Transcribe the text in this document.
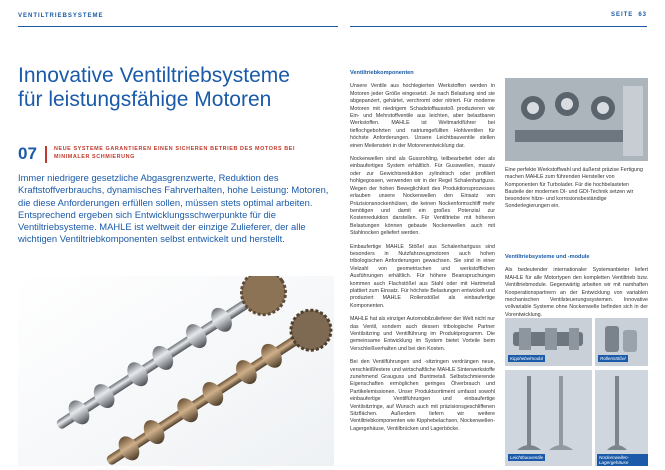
VENTILTRIEBSYSTEME	SEITE 63
Innovative Ventiltriebsysteme
für leistungsfähige Motoren
07	NEUE SYSTEME GARANTIEREN EINEN SICHEREN BETRIEB DES MOTORS BEI MINIMALER SCHMIERUNG

Immer niedrigere gesetzliche Abgasgrenzwerte, Reduktion des Kraftstoffverbrauchs, dynamisches Fahrverhalten, hohe Leistung: Motoren, die diese Anforderungen erfüllen sollen, müssen stets optimal arbeiten. Entsprechend ergeben sich Entwicklungsschwerpunkte für die Ventiltriebsysteme. MAHLE ist weltweit der einzige Zulieferer, der alle wichtigen Ventiltriebkomponenten selbst entwickelt und herstellt.

Ventiltriebkomponenten

Unsere Ventile aus hochlegierten Werkstoffen werden in Motoren jeder Größe eingesetzt. Je nach Belastung sind sie abgepanzert, gehärtet, verchromt oder nitriert. Für moderne Motoren mit niedrigem Schadstoffausstoß produzieren wir Ein- und Mehrstoffventile aus leichten, aber belastbaren Werkstoffen. MAHLE ist Weltmarktführer bei tieflochgebohrten und natriumgefüllten Hohlventilen für höchste Anforderungen. Unsere Leichtbauventile stellen einen Meilenstein in der Motorenentwicklung dar.

Nockenwellen sind als Gussrohling, teilbearbeitet oder als einbaufertiges System erhältlich. Für Gusswellen, massiv oder zur Gewichtsreduktion zylindrisch oder profiliert hohlgegossen, verwenden wir in der Regel Schalenhartguss. Wegen der hohen Beweglichkeit des Produktionsprozesses erlauben unsere Nockenwellen den Einsatz von Präzisionsnockenhülsen, die keinen Nockenformschliff mehr benötigen und damit ein großes Potenzial zur Kostenreduktion darstellen. Für Ventiltriebe mit höheren Belastungen können gebaute Nockenwellen auch mit Stahlnocken geliefert werden.

Einbaufertige MAHLE Stößel aus Schalenhartguss sind besonders in Nutzfahrzeugmotoren auch hohen tribologischen Anforderungen gewachsen. Sie sind in einer Vielzahl von geometrischen und werkstofflichen Ausführungen erhältlich. Für höhere Beanspruchungen kommen auch Flachstößel aus Stahl oder mit Hartmetall plattiert zum Einsatz. Für höchste Belastungen entwickelt und produziert MAHLE Rollenstößel als einbaufertige Komponenten.

MAHLE hat als einziger Automobilzulieferer der Welt nicht nur das Ventil, sondern auch dessen tribologische Partner Ventilsitzring und Ventilführung im Produktprogramm. Die gemeinsame Entwicklung im System bietet Vorteile beim Verschleißverhalten und bei den Kosten.

Bei den Ventilführungen und -sitzringen verdrängen neue, verschleißfestere und wirtschaftliche MAHLE Sinterwerkstoffe zunehmend Grauguss und Buntmetall. Selbstschmierende Eigenschaften ermöglichen geringes Ölverbrauch und Partikelemissionen. Unser Produktsortiment umfasst sowohl einbaufertige Ventilführungen und einbaufertige Ventilsitzringe, auf Wunsch auch mit präzisionsgeschliffenen Sitzflächen. Außerdem liefern wir weitere Ventiltriebkomponenten wie Kipphebelachsen, Nockenwellen-Lagergehäuse, Ventilbrücken und Lagerböcke.

Eine perfekte Werkstoffwahl und äußerst präzise Fertigung machen MAHLE zum führenden Hersteller von Komponenten für Turbolader. Für die hochbelasteten Bauteile der modernen DI- und GDI-Technik setzen wir besondere hitze- und korrosionsbeständige Sonderlegierungen ein.
Ventiltriebsysteme und -module

Als bedeutender internationaler Systemanbieter liefert MAHLE für alle Motortypen den kompletten Ventiltrieb bzw. Ventiltriebmodule. Gegenwärtig arbeiten wir mit namhaften Kooperationspartnern an der Entwicklung von variablen mechanischen Ventilsteuerungssystemen. Innovative vollvariable Systeme ohne Nockenwelle befinden sich in der Vorentwicklung.

Kipphebelmodul	Rollenstößel
Leichtbauventile	Nockenwellen-Lagergehäuse
